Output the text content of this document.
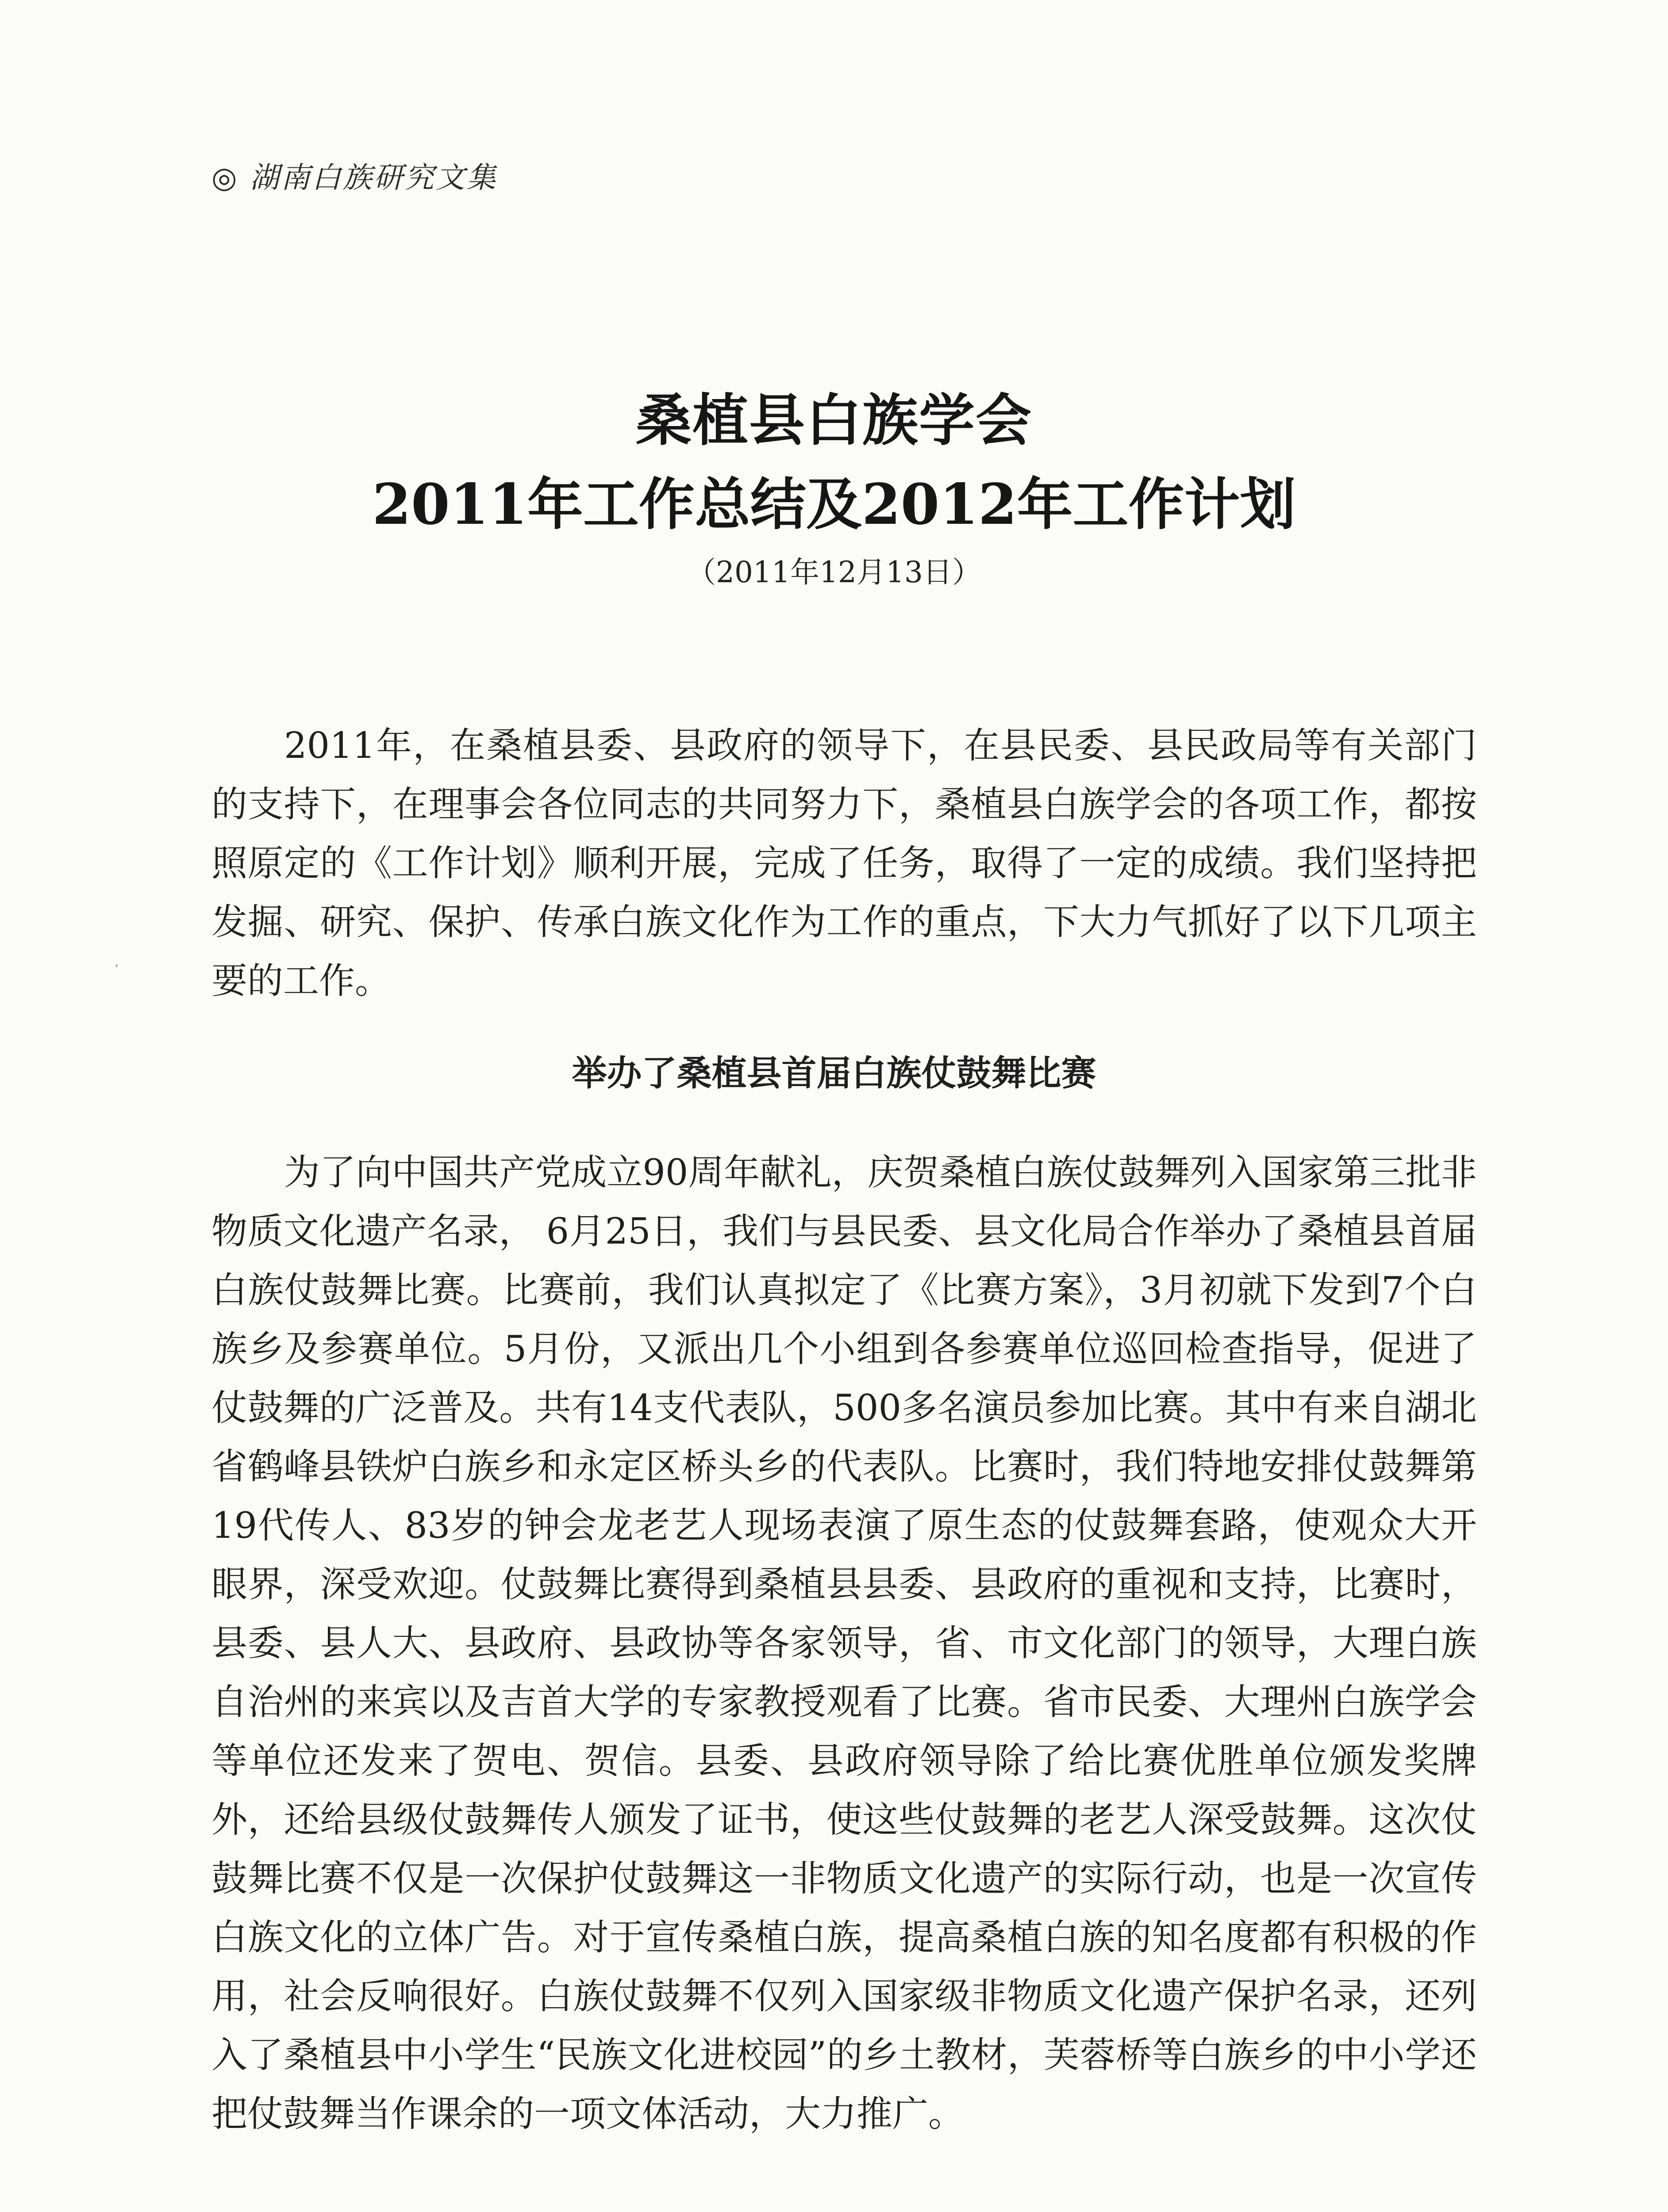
◎ 湖南白族研究文集
桑植县白族学会
2011年工作总结及2012年工作计划
（2011年12月13日）

2011年，在桑植县委、县政府的领导下，在县民委、县民政局等有关部门的支持下，在理事会各位同志的共同努力下，桑植县白族学会的各项工作，都按照原定的《工作计划》顺利开展，完成了任务，取得了一定的成绩。我们坚持把发掘、研究、保护、传承白族文化作为工作的重点，下大力气抓好了以下几项主要的工作。

举办了桑植县首届白族仗鼓舞比赛

为了向中国共产党成立90周年献礼，庆贺桑植白族仗鼓舞列入国家第三批非物质文化遗产名录， 6月25日，我们与县民委、县文化局合作举办了桑植县首届白族仗鼓舞比赛。比赛前，我们认真拟定了《比赛方案》，3月初就下发到7个白族乡及参赛单位。5月份，又派出几个小组到各参赛单位巡回检查指导，促进了仗鼓舞的广泛普及。共有14支代表队，500多名演员参加比赛。其中有来自湖北省鹤峰县铁炉白族乡和永定区桥头乡的代表队。比赛时，我们特地安排仗鼓舞第19代传人、83岁的钟会龙老艺人现场表演了原生态的仗鼓舞套路，使观众大开眼界，深受欢迎。仗鼓舞比赛得到桑植县县委、县政府的重视和支持，比赛时，县委、县人大、县政府、县政协等各家领导，省、市文化部门的领导，大理白族自治州的来宾以及吉首大学的专家教授观看了比赛。省市民委、大理州白族学会等单位还发来了贺电、贺信。县委、县政府领导除了给比赛优胜单位颁发奖牌外，还给县级仗鼓舞传人颁发了证书，使这些仗鼓舞的老艺人深受鼓舞。这次仗鼓舞比赛不仅是一次保护仗鼓舞这一非物质文化遗产的实际行动，也是一次宣传白族文化的立体广告。对于宣传桑植白族，提高桑植白族的知名度都有积极的作用，社会反响很好。白族仗鼓舞不仅列入国家级非物质文化遗产保护名录，还列入了桑植县中小学生“民族文化进校园”的乡土教材，芙蓉桥等白族乡的中小学还把仗鼓舞当作课余的一项文体活动，大力推广。
